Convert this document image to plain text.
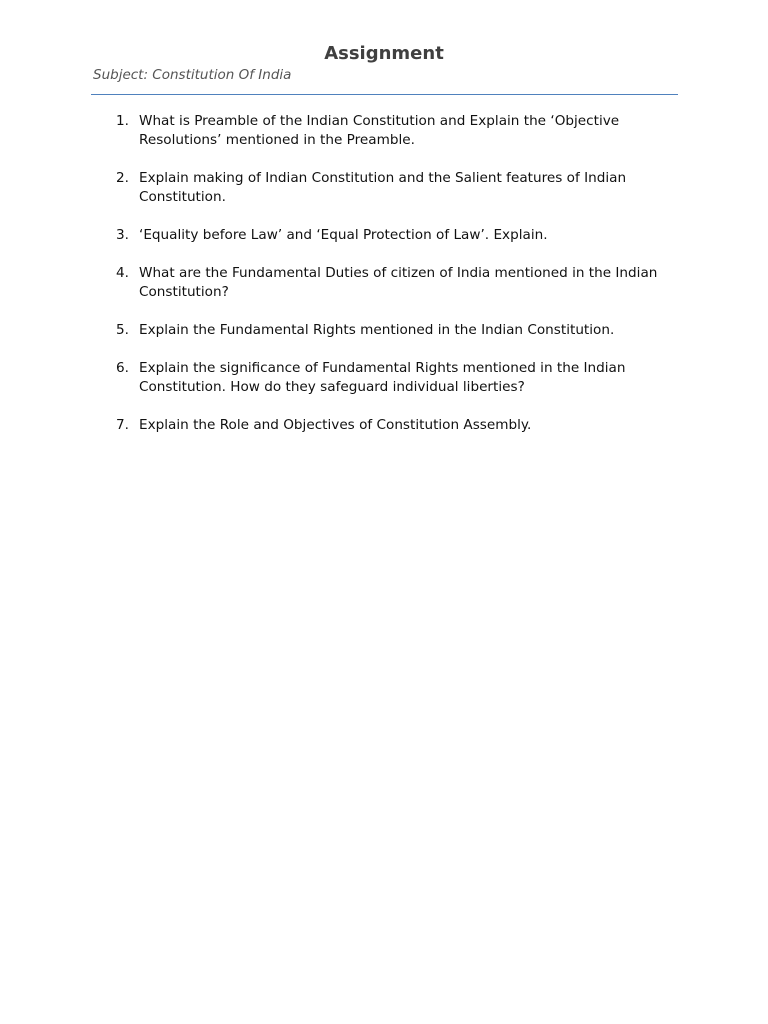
Assignment
Subject: Constitution Of India
1. What is Preamble of the Indian Constitution and Explain the ‘Objective Resolutions’ mentioned in the Preamble.
2. Explain making of Indian Constitution and the Salient features of Indian Constitution.
3. ‘Equality before Law’ and ‘Equal Protection of Law’. Explain.
4. What are the Fundamental Duties of citizen of India mentioned in the Indian Constitution?
5. Explain the Fundamental Rights mentioned in the Indian Constitution.
6. Explain the significance of Fundamental Rights mentioned in the Indian Constitution. How do they safeguard individual liberties?
7. Explain the Role and Objectives of Constitution Assembly.
